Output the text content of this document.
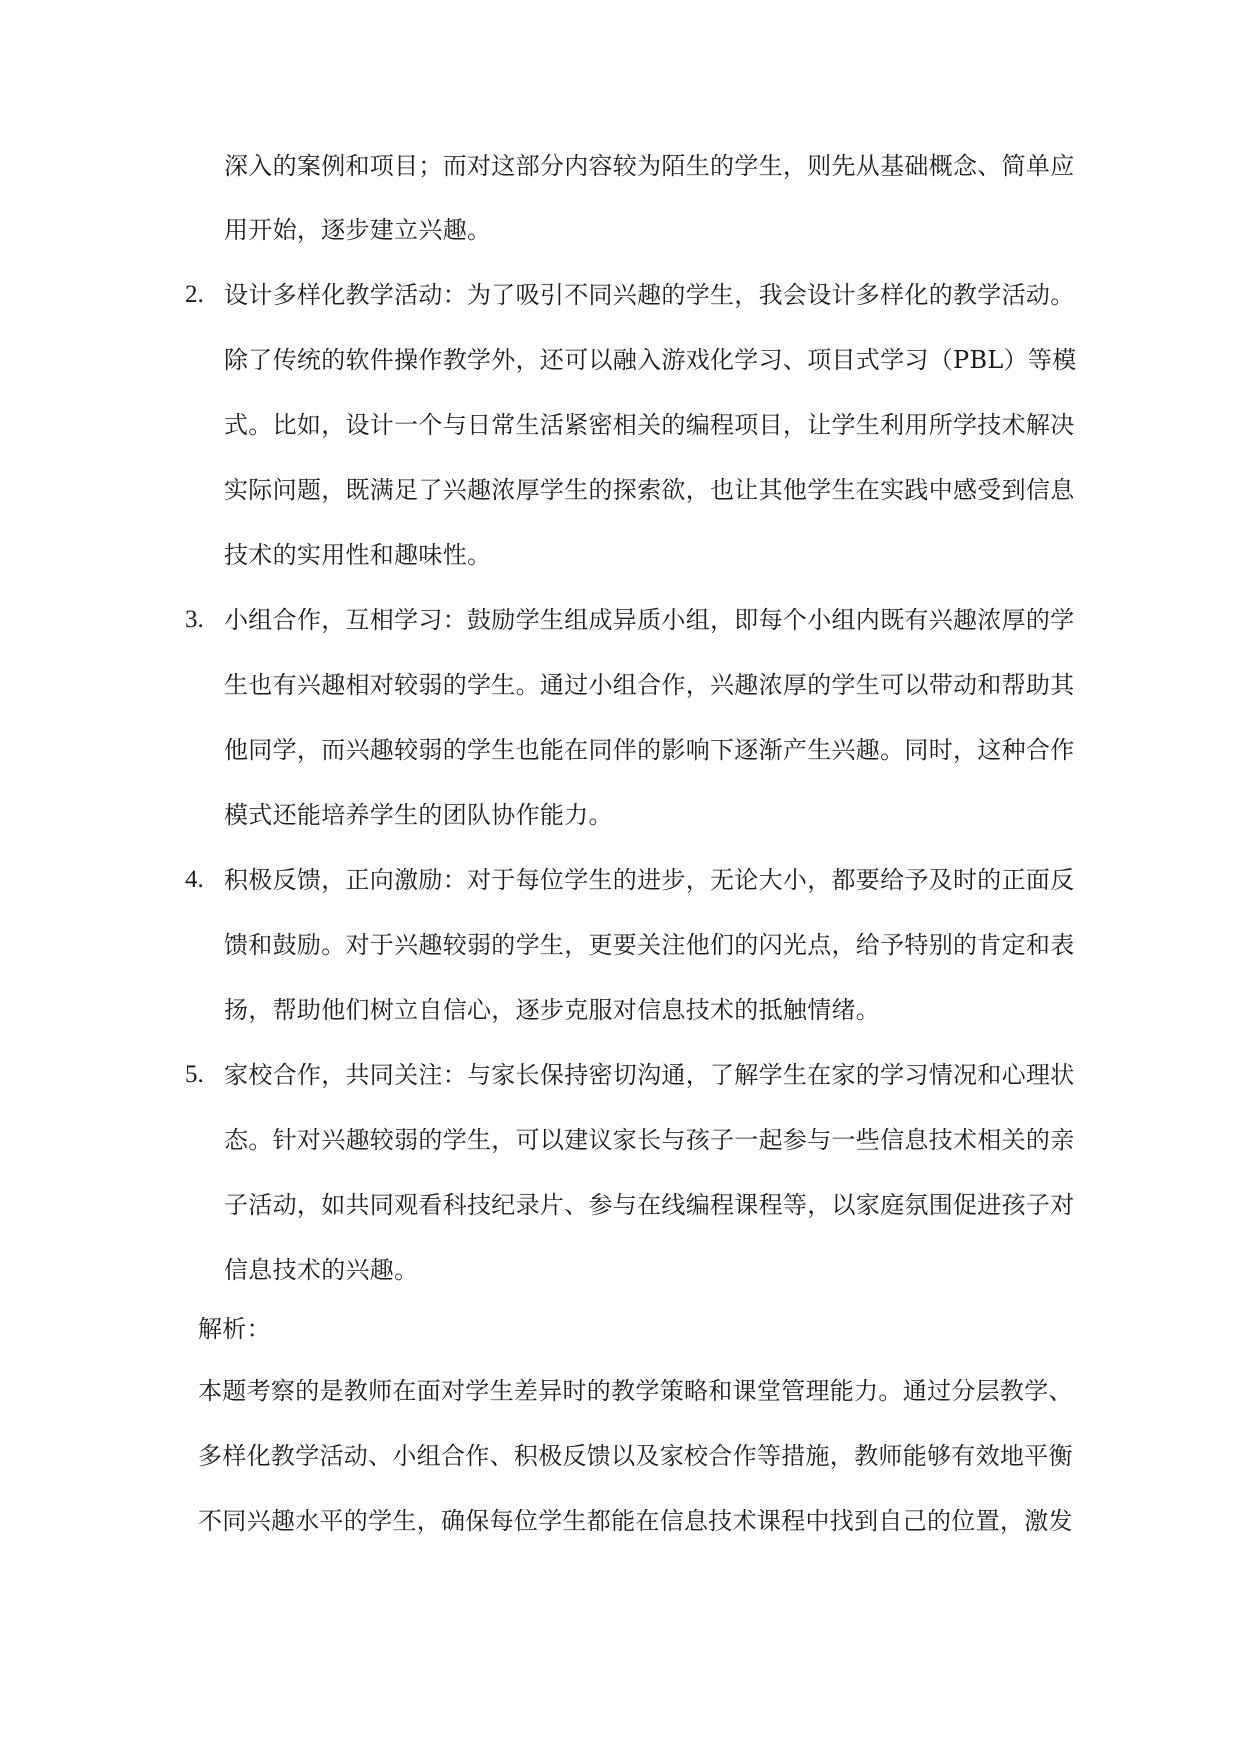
深入的案例和项目；而对这部分内容较为陌生的学生，则先从基础概念、简单应
用开始，逐步建立兴趣。
2. 设计多样化教学活动：为了吸引不同兴趣的学生，我会设计多样化的教学活动。
除了传统的软件操作教学外，还可以融入游戏化学习、项目式学习（PBL）等模
式。比如，设计一个与日常生活紧密相关的编程项目，让学生利用所学技术解决
实际问题，既满足了兴趣浓厚学生的探索欲，也让其他学生在实践中感受到信息
技术的实用性和趣味性。
3. 小组合作，互相学习：鼓励学生组成异质小组，即每个小组内既有兴趣浓厚的学
生也有兴趣相对较弱的学生。通过小组合作，兴趣浓厚的学生可以带动和帮助其
他同学，而兴趣较弱的学生也能在同伴的影响下逐渐产生兴趣。同时，这种合作
模式还能培养学生的团队协作能力。
4. 积极反馈，正向激励：对于每位学生的进步，无论大小，都要给予及时的正面反
馈和鼓励。对于兴趣较弱的学生，更要关注他们的闪光点，给予特别的肯定和表
扬，帮助他们树立自信心，逐步克服对信息技术的抵触情绪。
5. 家校合作，共同关注：与家长保持密切沟通，了解学生在家的学习情况和心理状
态。针对兴趣较弱的学生，可以建议家长与孩子一起参与一些信息技术相关的亲
子活动，如共同观看科技纪录片、参与在线编程课程等，以家庭氛围促进孩子对
信息技术的兴趣。
解析：
本题考察的是教师在面对学生差异时的教学策略和课堂管理能力。通过分层教学、
多样化教学活动、小组合作、积极反馈以及家校合作等措施，教师能够有效地平衡
不同兴趣水平的学生，确保每位学生都能在信息技术课程中找到自己的位置，激发
